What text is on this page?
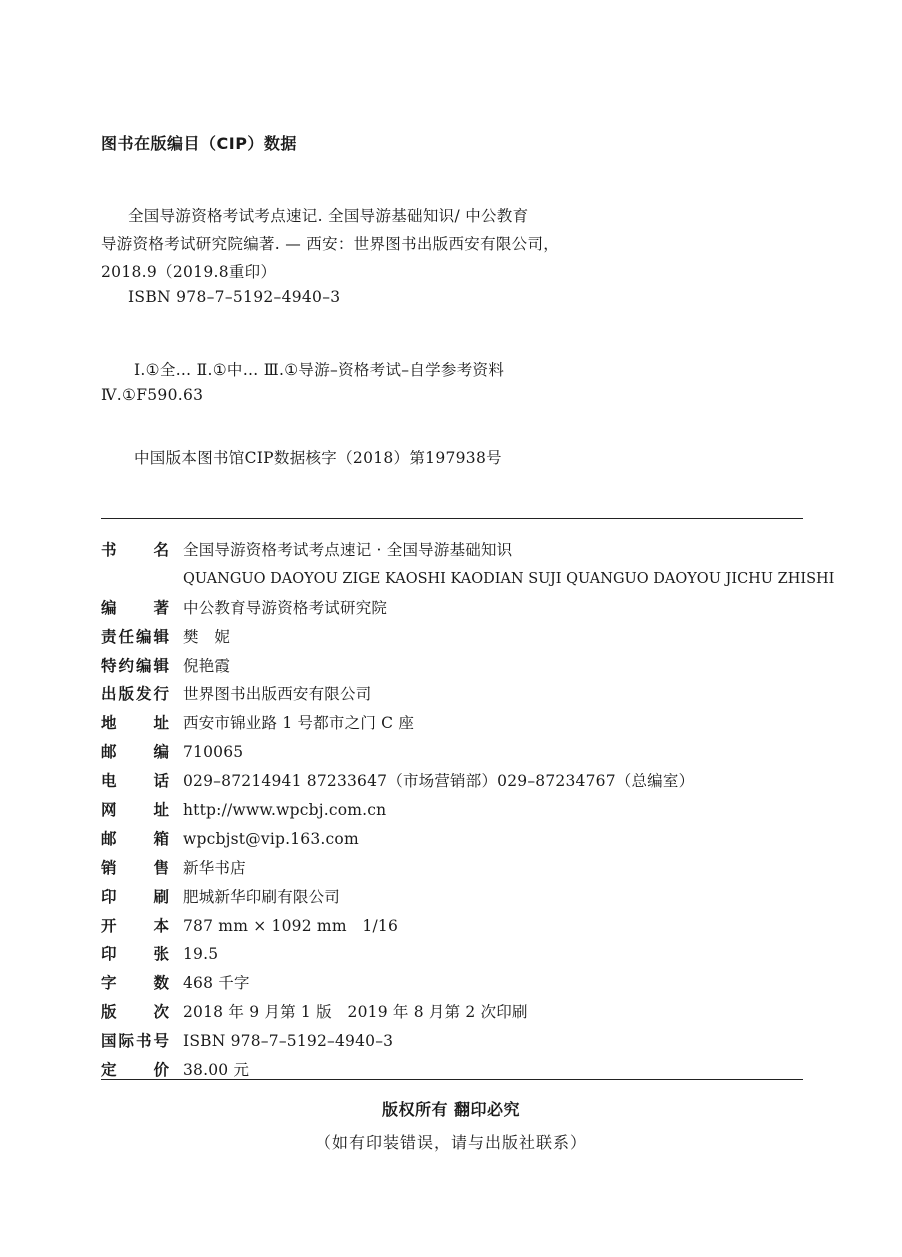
图书在版编目（CIP）数据
全国导游资格考试考点速记. 全国导游基础知识/ 中公教育
导游资格考试研究院编著. — 西安：世界图书出版西安有限公司，
2018.9（2019.8重印）
ISBN 978–7–5192–4940–3
Ⅰ.①全… Ⅱ.①中… Ⅲ.①导游–资格考试–自学参考资料
Ⅳ.①F590.63
中国版本图书馆CIP数据核字（2018）第197938号
书 名 全国导游资格考试考点速记 · 全国导游基础知识
QUANGUO DAOYOU ZIGE KAOSHI KAODIAN SUJI QUANGUO DAOYOU JICHU ZHISHI
编 著 中公教育导游资格考试研究院
责 任 编 辑 樊　妮
特 约 编 辑 倪艳霞
出 版 发 行 世界图书出版西安有限公司
地 址 西安市锦业路 1 号都市之门 C 座
邮 编 710065
电 话 029–87214941 87233647（市场营销部）029–87234767（总编室）
网 址 http://www.wpcbj.com.cn
邮 箱 wpcbjst@vip.163.com
销 售 新华书店
印 刷 肥城新华印刷有限公司
开 本 787 mm × 1092 mm　1/16
印 张 19.5
字 数 468 千字
版 次 2018 年 9 月第 1 版　2019 年 8 月第 2 次印刷
国 际 书 号 ISBN 978–7–5192–4940–3
定 价 38.00 元
版权所有 翻印必究
（如有印装错误，请与出版社联系）
